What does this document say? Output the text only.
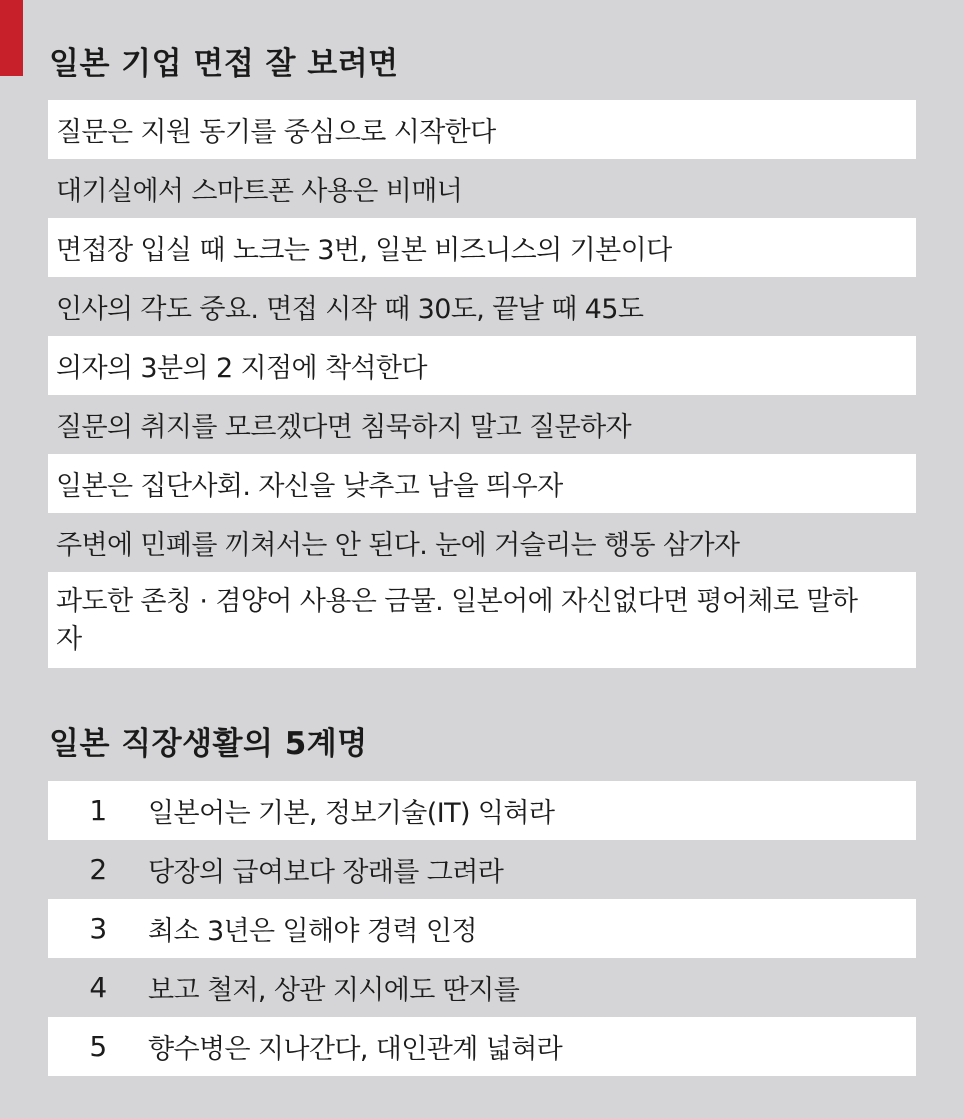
일본 기업 면접 잘 보려면
질문은 지원 동기를 중심으로 시작한다
대기실에서 스마트폰 사용은 비매너
면접장 입실 때 노크는 3번, 일본 비즈니스의 기본이다
인사의 각도 중요. 면접 시작 때 30도, 끝날 때 45도
의자의 3분의 2 지점에 착석한다
질문의 취지를 모르겠다면 침묵하지 말고 질문하자
일본은 집단사회. 자신을 낮추고 남을 띄우자
주변에 민폐를 끼쳐서는 안 된다. 눈에 거슬리는 행동 삼가자
과도한 존칭 · 겸양어 사용은 금물. 일본어에 자신없다면 평어체로 말하자
일본 직장생활의 5계명
1	일본어는 기본, 정보기술(IT) 익혀라
2	당장의 급여보다 장래를 그려라
3	최소 3년은 일해야 경력 인정
4	보고 철저, 상관 지시에도 딴지를
5	향수병은 지나간다, 대인관계 넓혀라
